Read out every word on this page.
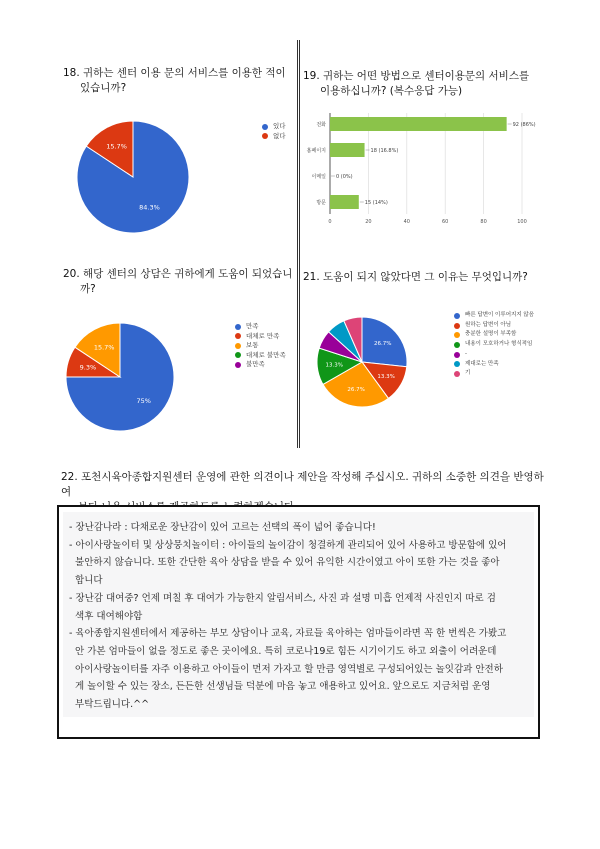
18. 귀하는 센터 이용 문의 서비스를 이용한 적이
있습니까?
84.3%
15.7%
있다
없다
19. 귀하는 어떤 방법으로 센터이용문의 서비스를
이용하십니까? (복수응답 가능)
0	20	40	60	80	100
전화	92 (86%)
홈페이지	18 (16.8%)
이메일 0 (0%)
방문	15 (14%)
20. 해당 센터의 상담은 귀하에게 도움이 되었습니
까?
75%
9.3%
15.7%
만족
대체로 만족
보통
대체로 불만족
불만족
21. 도움이 되지 않았다면 그 이유는 무엇입니까?
26.7%
13.3%
26.7%
13.3%
빠른 답변이 이루어지지 않음
원하는 답변이 아님
충분한 설명이 부족함
내용이 모호하거나 형식적임
-
제대로는 만족
기
22. 포천시육아종합지원센터 운영에 관한 의견이나 제안을 작성해 주십시오. 귀하의 소중한 의견을 반영하여
- 장난감나라 : 다채로운 장난감이 있어 고르는 선택의 폭이 넓어 좋습니다!
- 아이사랑놀이터 및 상상뭉치놀이터 : 아이들의 놀이감이 청결하게 관리되어 있어 사용하고 방문함에 있어
불안하지 않습니다. 또한 간단한 육아 상담을 받을 수 있어 유익한 시간이였고 아이 또한 가는 것을 좋아
합니다
- 장난감 대여중? 언제 며칠 후 대여가 가능한지 알림서비스, 사진 과 설명 미흡 언제적 사진인지 따로 검
색후 대여해야함
- 육아종합지원센터에서 제공하는 부모 상담이나 교육, 자료들 육아하는 엄마들이라면 꼭 한 번씩은 가봤고
안 가본 엄마들이 없을 정도로 좋은 곳이에요. 특히 코로나19로 힘든 시기이기도 하고 외출이 어려운데
아이사랑놀이터를 자주 이용하고 아이들이 먼저 가자고 할 만큼 영역별로 구성되어있는 놀잇감과 안전하
게 놀이할 수 있는 장소, 든든한 선생님들 덕분에 마음 놓고 애용하고 있어요. 앞으로도 지금처럼 운영
부탁드립니다.^^
